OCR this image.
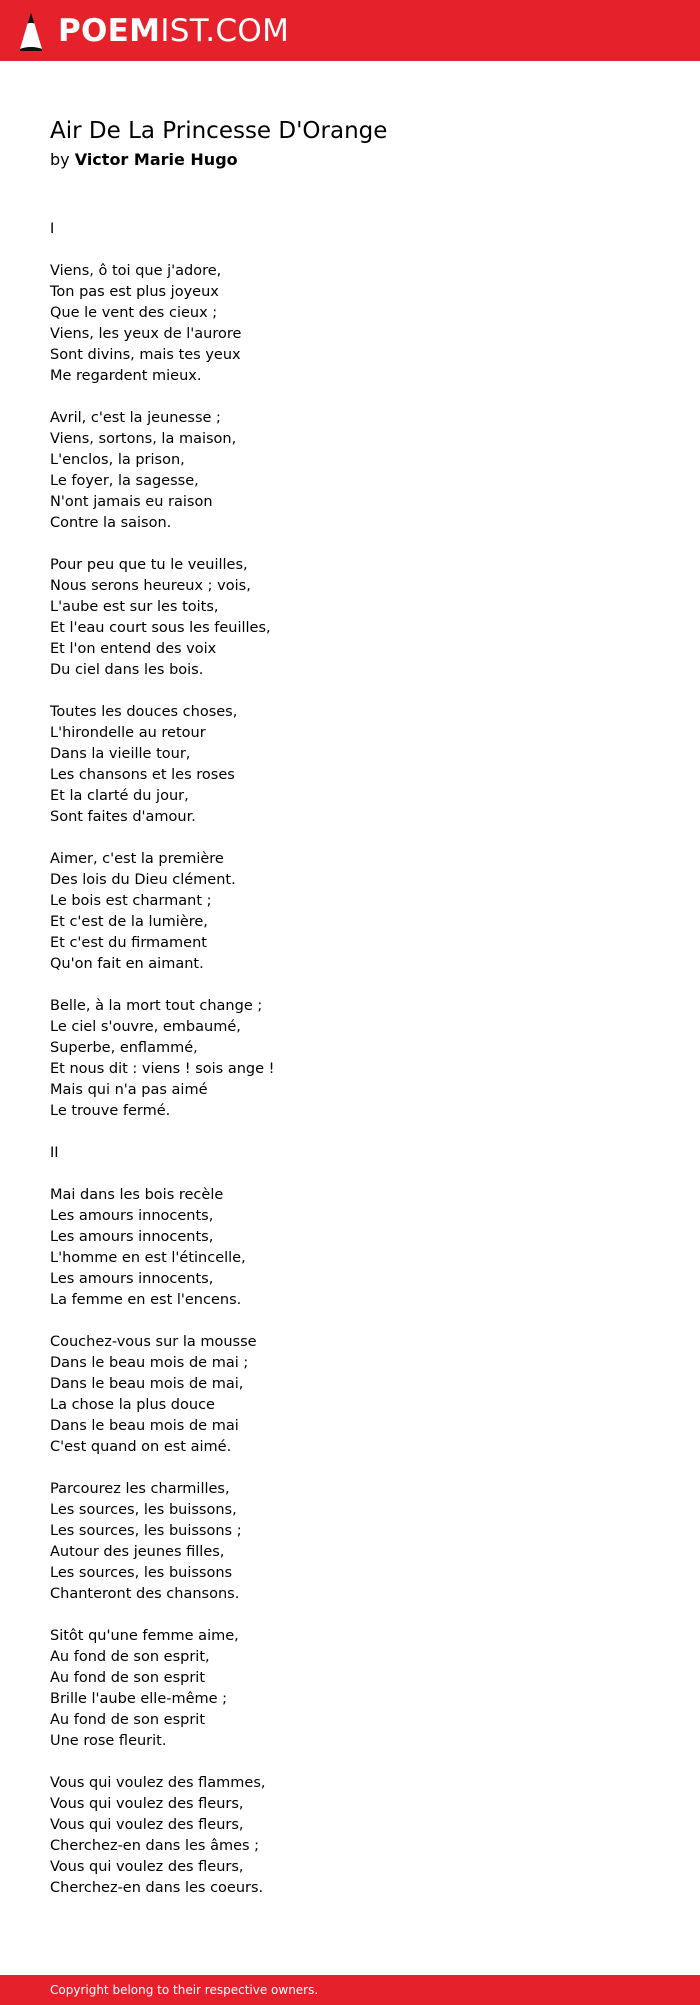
POEMIST.COM
Air De La Princesse D'Orange
by Victor Marie Hugo
I
Viens, ô toi que j'adore,
Ton pas est plus joyeux
Que le vent des cieux ;
Viens, les yeux de l'aurore
Sont divins, mais tes yeux
Me regardent mieux.
Avril, c'est la jeunesse ;
Viens, sortons, la maison,
L'enclos, la prison,
Le foyer, la sagesse,
N'ont jamais eu raison
Contre la saison.
Pour peu que tu le veuilles,
Nous serons heureux ; vois,
L'aube est sur les toits,
Et l'eau court sous les feuilles,
Et l'on entend des voix
Du ciel dans les bois.
Toutes les douces choses,
L'hirondelle au retour
Dans la vieille tour,
Les chansons et les roses
Et la clarté du jour,
Sont faites d'amour.
Aimer, c'est la première
Des lois du Dieu clément.
Le bois est charmant ;
Et c'est de la lumière,
Et c'est du firmament
Qu'on fait en aimant.
Belle, à la mort tout change ;
Le ciel s'ouvre, embaumé,
Superbe, enflammé,
Et nous dit : viens ! sois ange !
Mais qui n'a pas aimé
Le trouve fermé.
II
Mai dans les bois recèle
Les amours innocents,
Les amours innocents,
L'homme en est l'étincelle,
Les amours innocents,
La femme en est l'encens.
Couchez-vous sur la mousse
Dans le beau mois de mai ;
Dans le beau mois de mai,
La chose la plus douce
Dans le beau mois de mai
C'est quand on est aimé.
Parcourez les charmilles,
Les sources, les buissons,
Les sources, les buissons ;
Autour des jeunes filles,
Les sources, les buissons
Chanteront des chansons.
Sitôt qu'une femme aime,
Au fond de son esprit,
Au fond de son esprit
Brille l'aube elle-même ;
Au fond de son esprit
Une rose fleurit.
Vous qui voulez des flammes,
Vous qui voulez des fleurs,
Vous qui voulez des fleurs,
Cherchez-en dans les âmes ;
Vous qui voulez des fleurs,
Cherchez-en dans les coeurs.
Copyright belong to their respective owners.
